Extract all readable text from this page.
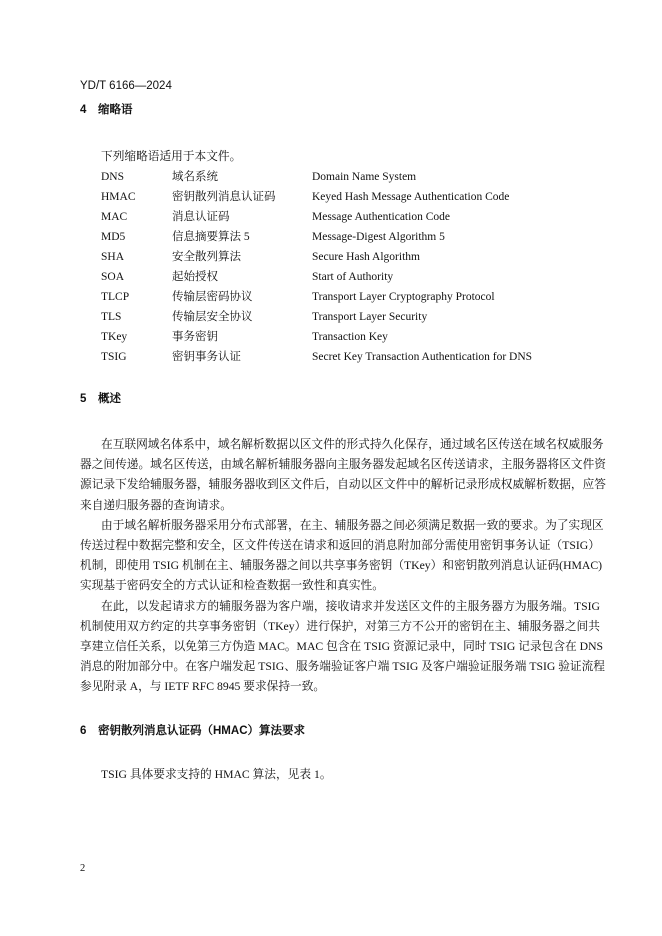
YD/T 6166—2024
4 缩略语
下列缩略语适用于本文件。
DNS	域名系统	Domain Name System
HMAC	密钥散列消息认证码	Keyed Hash Message Authentication Code
MAC	消息认证码	Message Authentication Code
MD5	信息摘要算法 5	Message-Digest Algorithm 5
SHA	安全散列算法	Secure Hash Algorithm
SOA	起始授权	Start of Authority
TLCP	传输层密码协议	Transport Layer Cryptography Protocol
TLS	传输层安全协议	Transport Layer Security
TKey	事务密钥	Transaction Key
TSIG	密钥事务认证	Secret Key Transaction Authentication for DNS
5 概述
在互联网域名体系中，域名解析数据以区文件的形式持久化保存，通过域名区传送在域名权威服务
器之间传递。域名区传送，由域名解析辅服务器向主服务器发起域名区传送请求，主服务器将区文件资
源记录下发给辅服务器，辅服务器收到区文件后，自动以区文件中的解析记录形成权威解析数据，应答
来自递归服务器的查询请求。
由于域名解析服务器采用分布式部署，在主、辅服务器之间必须满足数据一致的要求。为了实现区
传送过程中数据完整和安全，区文件传送在请求和返回的消息附加部分需使用密钥事务认证（TSIG）
机制，即使用 TSIG 机制在主、辅服务器之间以共享事务密钥（TKey）和密钥散列消息认证码(HMAC)
实现基于密码安全的方式认证和检查数据一致性和真实性。
在此，以发起请求方的辅服务器为客户端，接收请求并发送区文件的主服务器方为服务端。TSIG
机制使用双方约定的共享事务密钥（TKey）进行保护，对第三方不公开的密钥在主、辅服务器之间共
享建立信任关系，以免第三方伪造 MAC。MAC 包含在 TSIG 资源记录中，同时 TSIG 记录包含在 DNS
消息的附加部分中。在客户端发起 TSIG、服务端验证客户端 TSIG 及客户端验证服务端 TSIG 验证流程
参见附录 A，与 IETF RFC 8945 要求保持一致。
6 密钥散列消息认证码（HMAC）算法要求
TSIG 具体要求支持的 HMAC 算法，见表 1。
2
